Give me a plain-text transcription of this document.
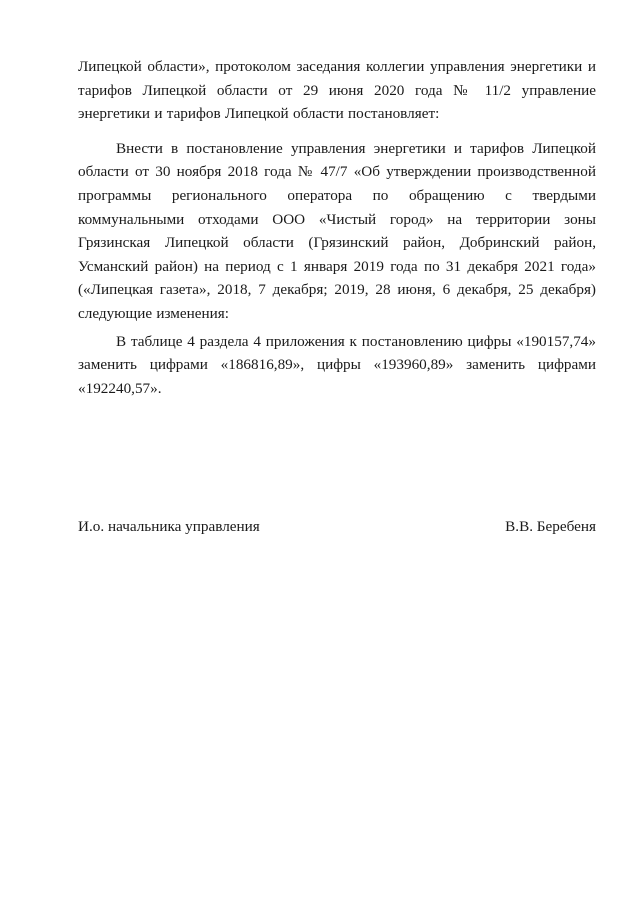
Липецкой области», протоколом заседания коллегии управления энергетики и тарифов Липецкой области от 29 июня 2020 года № 11/2 управление энергетики и тарифов Липецкой области постановляет:

Внести в постановление управления энергетики и тарифов Липецкой области от 30 ноября 2018 года № 47/7 «Об утверждении производственной программы регионального оператора по обращению с твердыми коммунальными отходами ООО «Чистый город» на территории зоны Грязинская Липецкой области (Грязинский район, Добринский район, Усманский район) на период с 1 января 2019 года по 31 декабря 2021 года» («Липецкая газета», 2018, 7 декабря; 2019, 28 июня, 6 декабря, 25 декабря) следующие изменения:

В таблице 4 раздела 4 приложения к постановлению цифры «190157,74» заменить цифрами «186816,89», цифры «193960,89» заменить цифрами «192240,57».

И.о. начальника управления	В.В. Беребеня
